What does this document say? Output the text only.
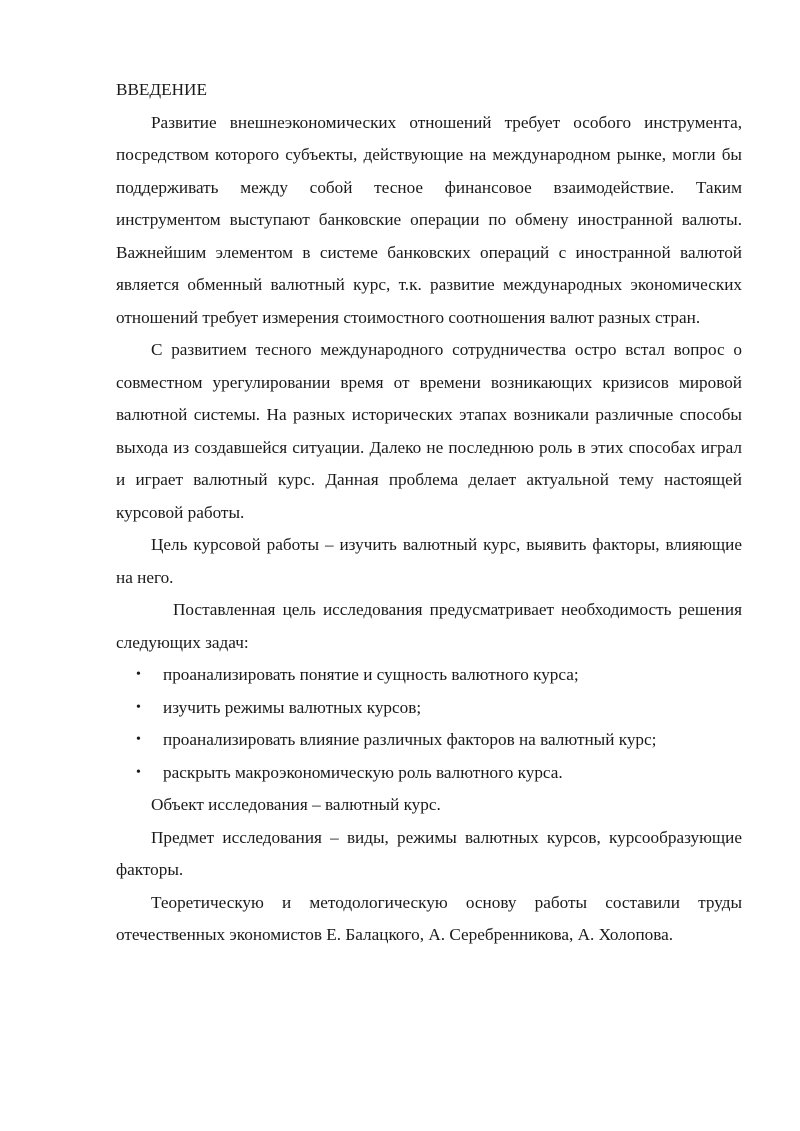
ВВЕДЕНИЕ

Развитие внешнеэкономических отношений требует особого инструмента, посредством которого субъекты, действующие на международном рынке, могли бы поддерживать между собой тесное финансовое взаимодействие. Таким инструментом выступают банковские операции по обмену иностранной валюты. Важнейшим элементом в системе банковских операций с иностранной валютой является обменный валютный курс, т.к. развитие международных экономических отношений требует измерения стоимостного соотношения валют разных стран.

С развитием тесного международного сотрудничества остро встал вопрос о совместном урегулировании время от времени возникающих кризисов мировой валютной системы. На разных исторических этапах возникали различные способы выхода из создавшейся ситуации. Далеко не последнюю роль в этих способах играл и играет валютный курс. Данная проблема делает актуальной тему настоящей курсовой работы.

Цель курсовой работы – изучить валютный курс, выявить факторы, влияющие на него.

Поставленная цель исследования предусматривает необходимость решения следующих задач:

• проанализировать понятие и сущность валютного курса;
• изучить режимы валютных курсов;
• проанализировать влияние различных факторов на валютный курс;
• раскрыть макроэкономическую роль валютного курса.

Объект исследования – валютный курс.

Предмет исследования – виды, режимы валютных курсов, курсообразующие факторы.

Теоретическую и методологическую основу работы составили труды отечественных экономистов Е. Балацкого, А. Серебренникова, А. Холопова.
